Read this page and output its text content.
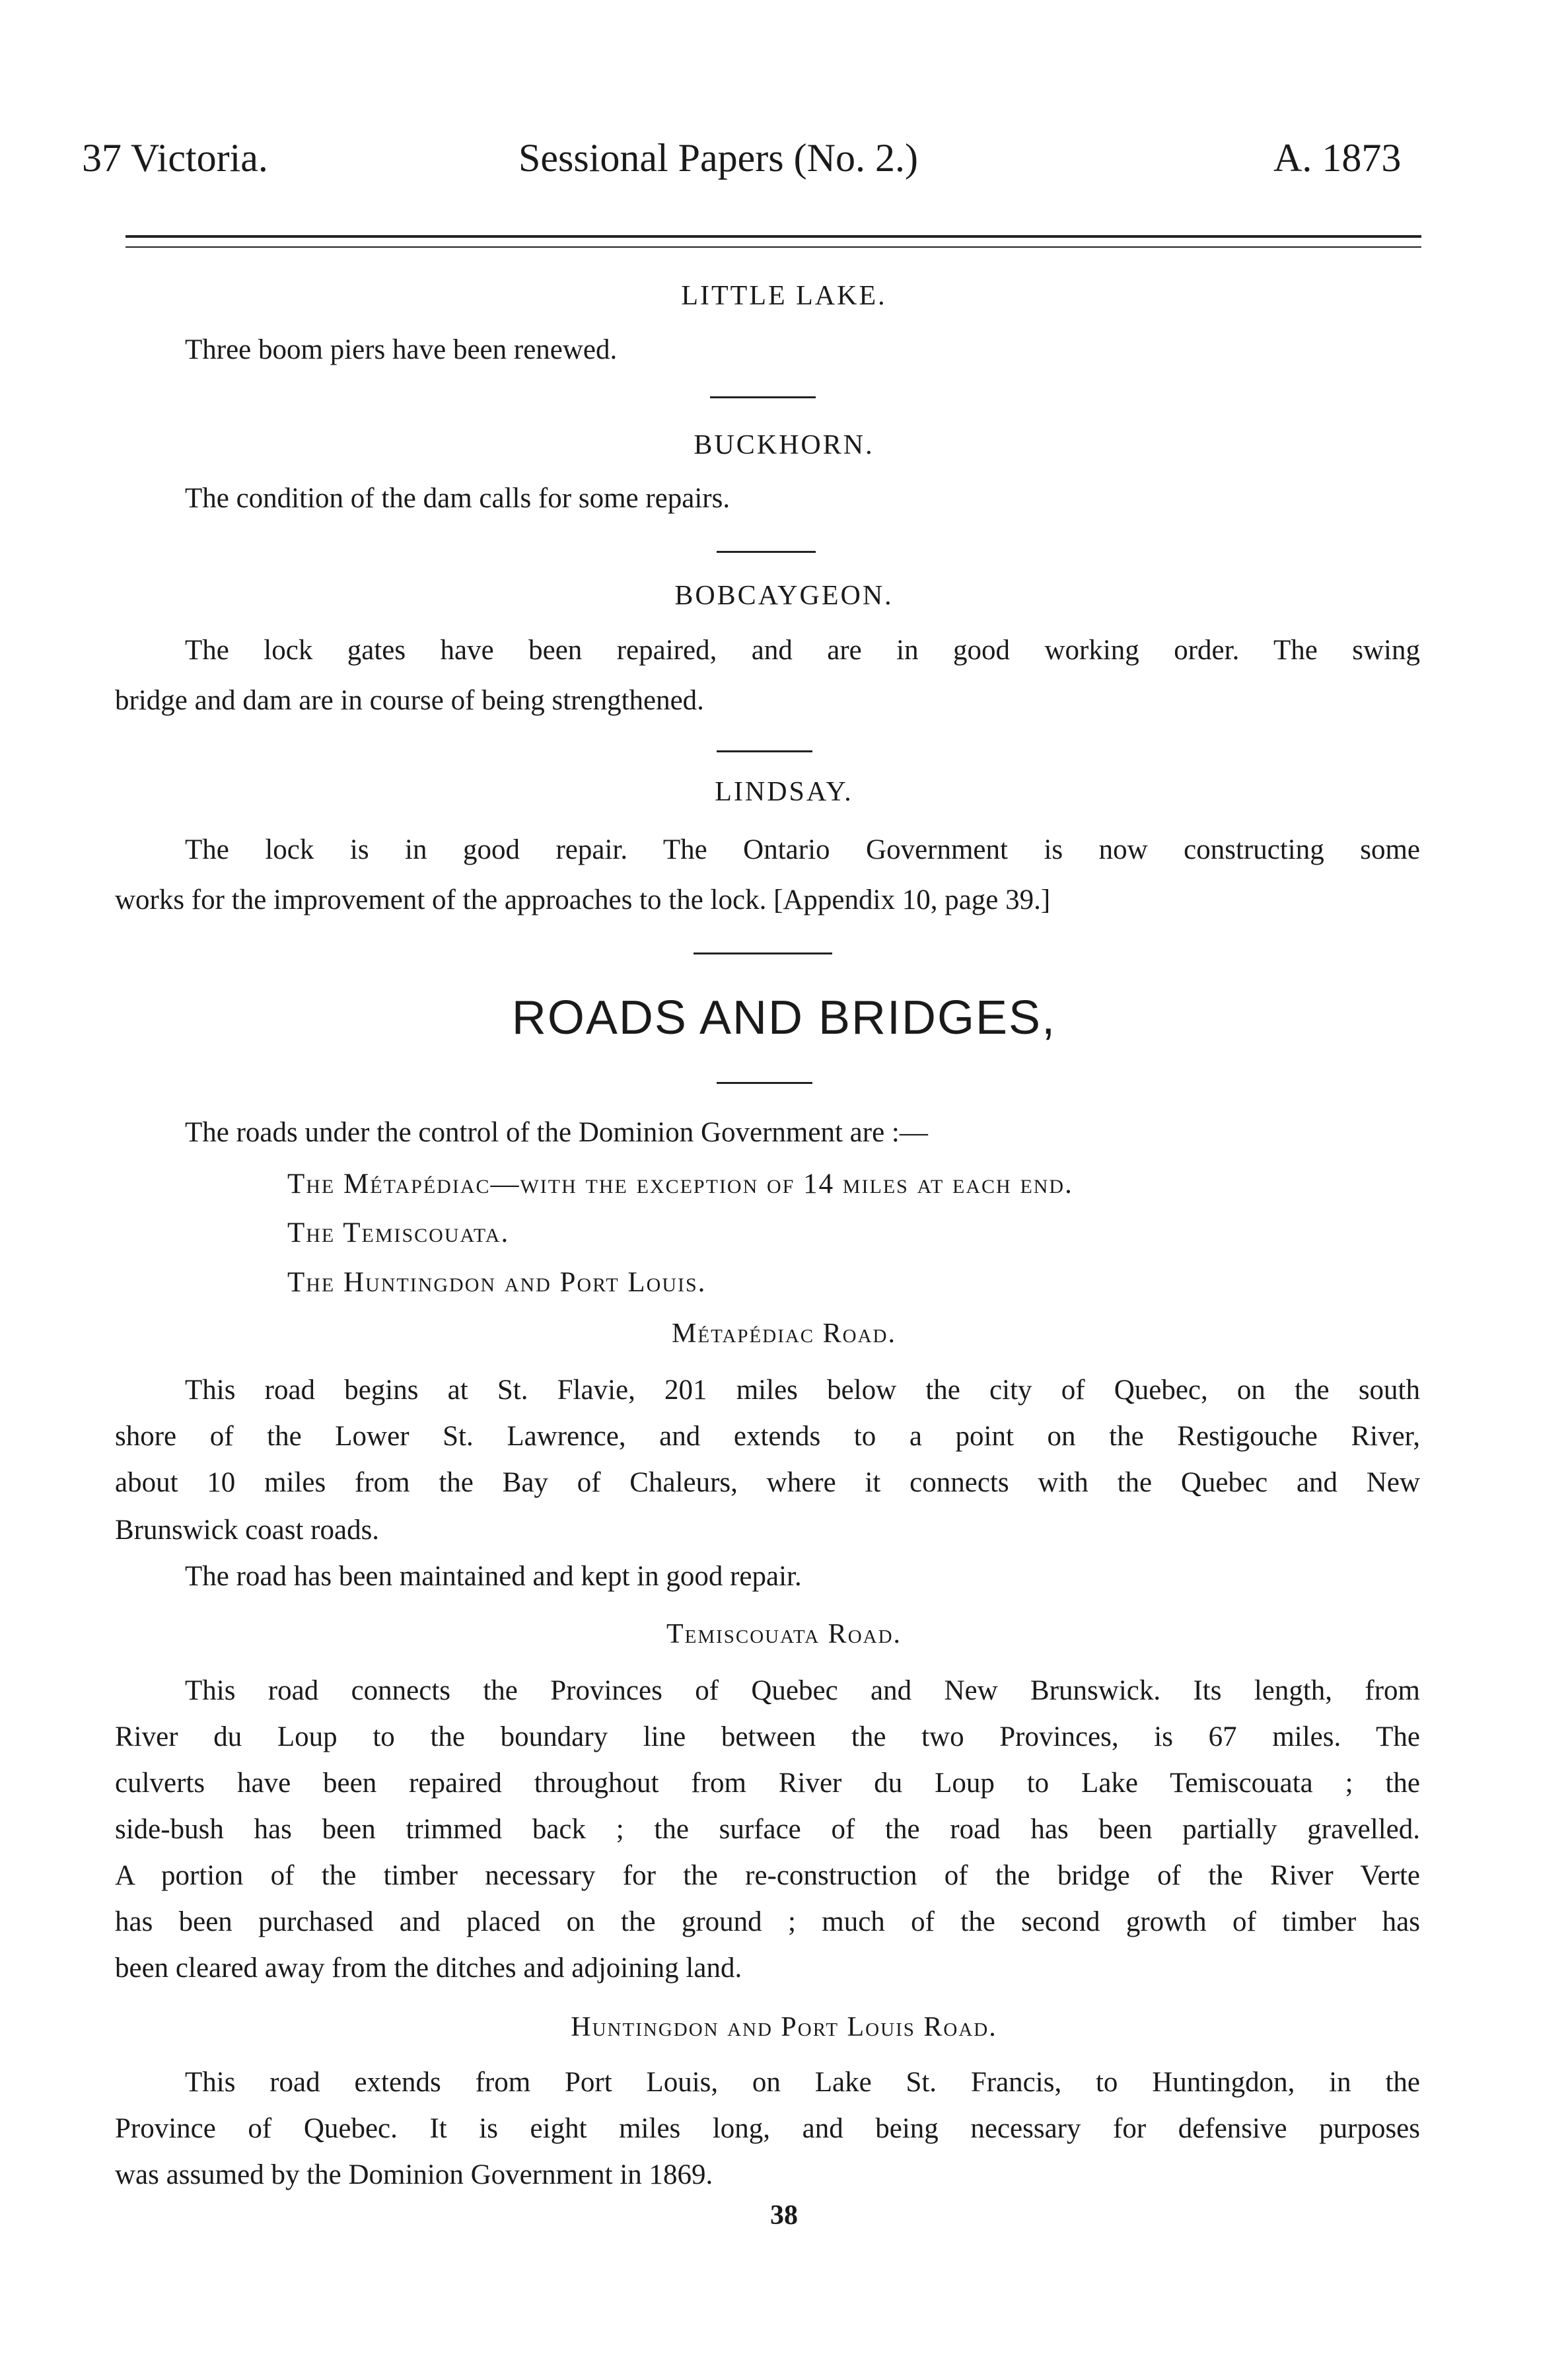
37 Victoria.	Sessional Papers (No. 2.)	A. 1873
LITTLE LAKE.
Three boom piers have been renewed.
BUCKHORN.
The condition of the dam calls for some repairs.
BOBCAYGEON.
The lock gates have been repaired, and are in good working order. The swing
bridge and dam are in course of being strengthened.
LINDSAY.
The lock is in good repair. The Ontario Government is now constructing some
works for the improvement of the approaches to the lock. [Appendix 10, page 39.]
ROADS AND BRIDGES,
The roads under the control of the Dominion Government are :—
The Métapédiac—with the exception of 14 miles at each end.
The Temiscouata.
The Huntingdon and Port Louis.
Métapédiac Road.
This road begins at St. Flavie, 201 miles below the city of Quebec, on the south
shore of the Lower St. Lawrence, and extends to a point on the Restigouche River,
about 10 miles from the Bay of Chaleurs, where it connects with the Quebec and New
Brunswick coast roads.
The road has been maintained and kept in good repair.
Temiscouata Road.
This road connects the Provinces of Quebec and New Brunswick. Its length, from
River du Loup to the boundary line between the two Provinces, is 67 miles. The
culverts have been repaired throughout from River du Loup to Lake Temiscouata ; the
side-bush has been trimmed back ; the surface of the road has been partially gravelled.
A portion of the timber necessary for the re-construction of the bridge of the River Verte
has been purchased and placed on the ground ; much of the second growth of timber has
been cleared away from the ditches and adjoining land.
Huntingdon and Port Louis Road.
This road extends from Port Louis, on Lake St. Francis, to Huntingdon, in the
Province of Quebec. It is eight miles long, and being necessary for defensive purposes
was assumed by the Dominion Government in 1869.
38
